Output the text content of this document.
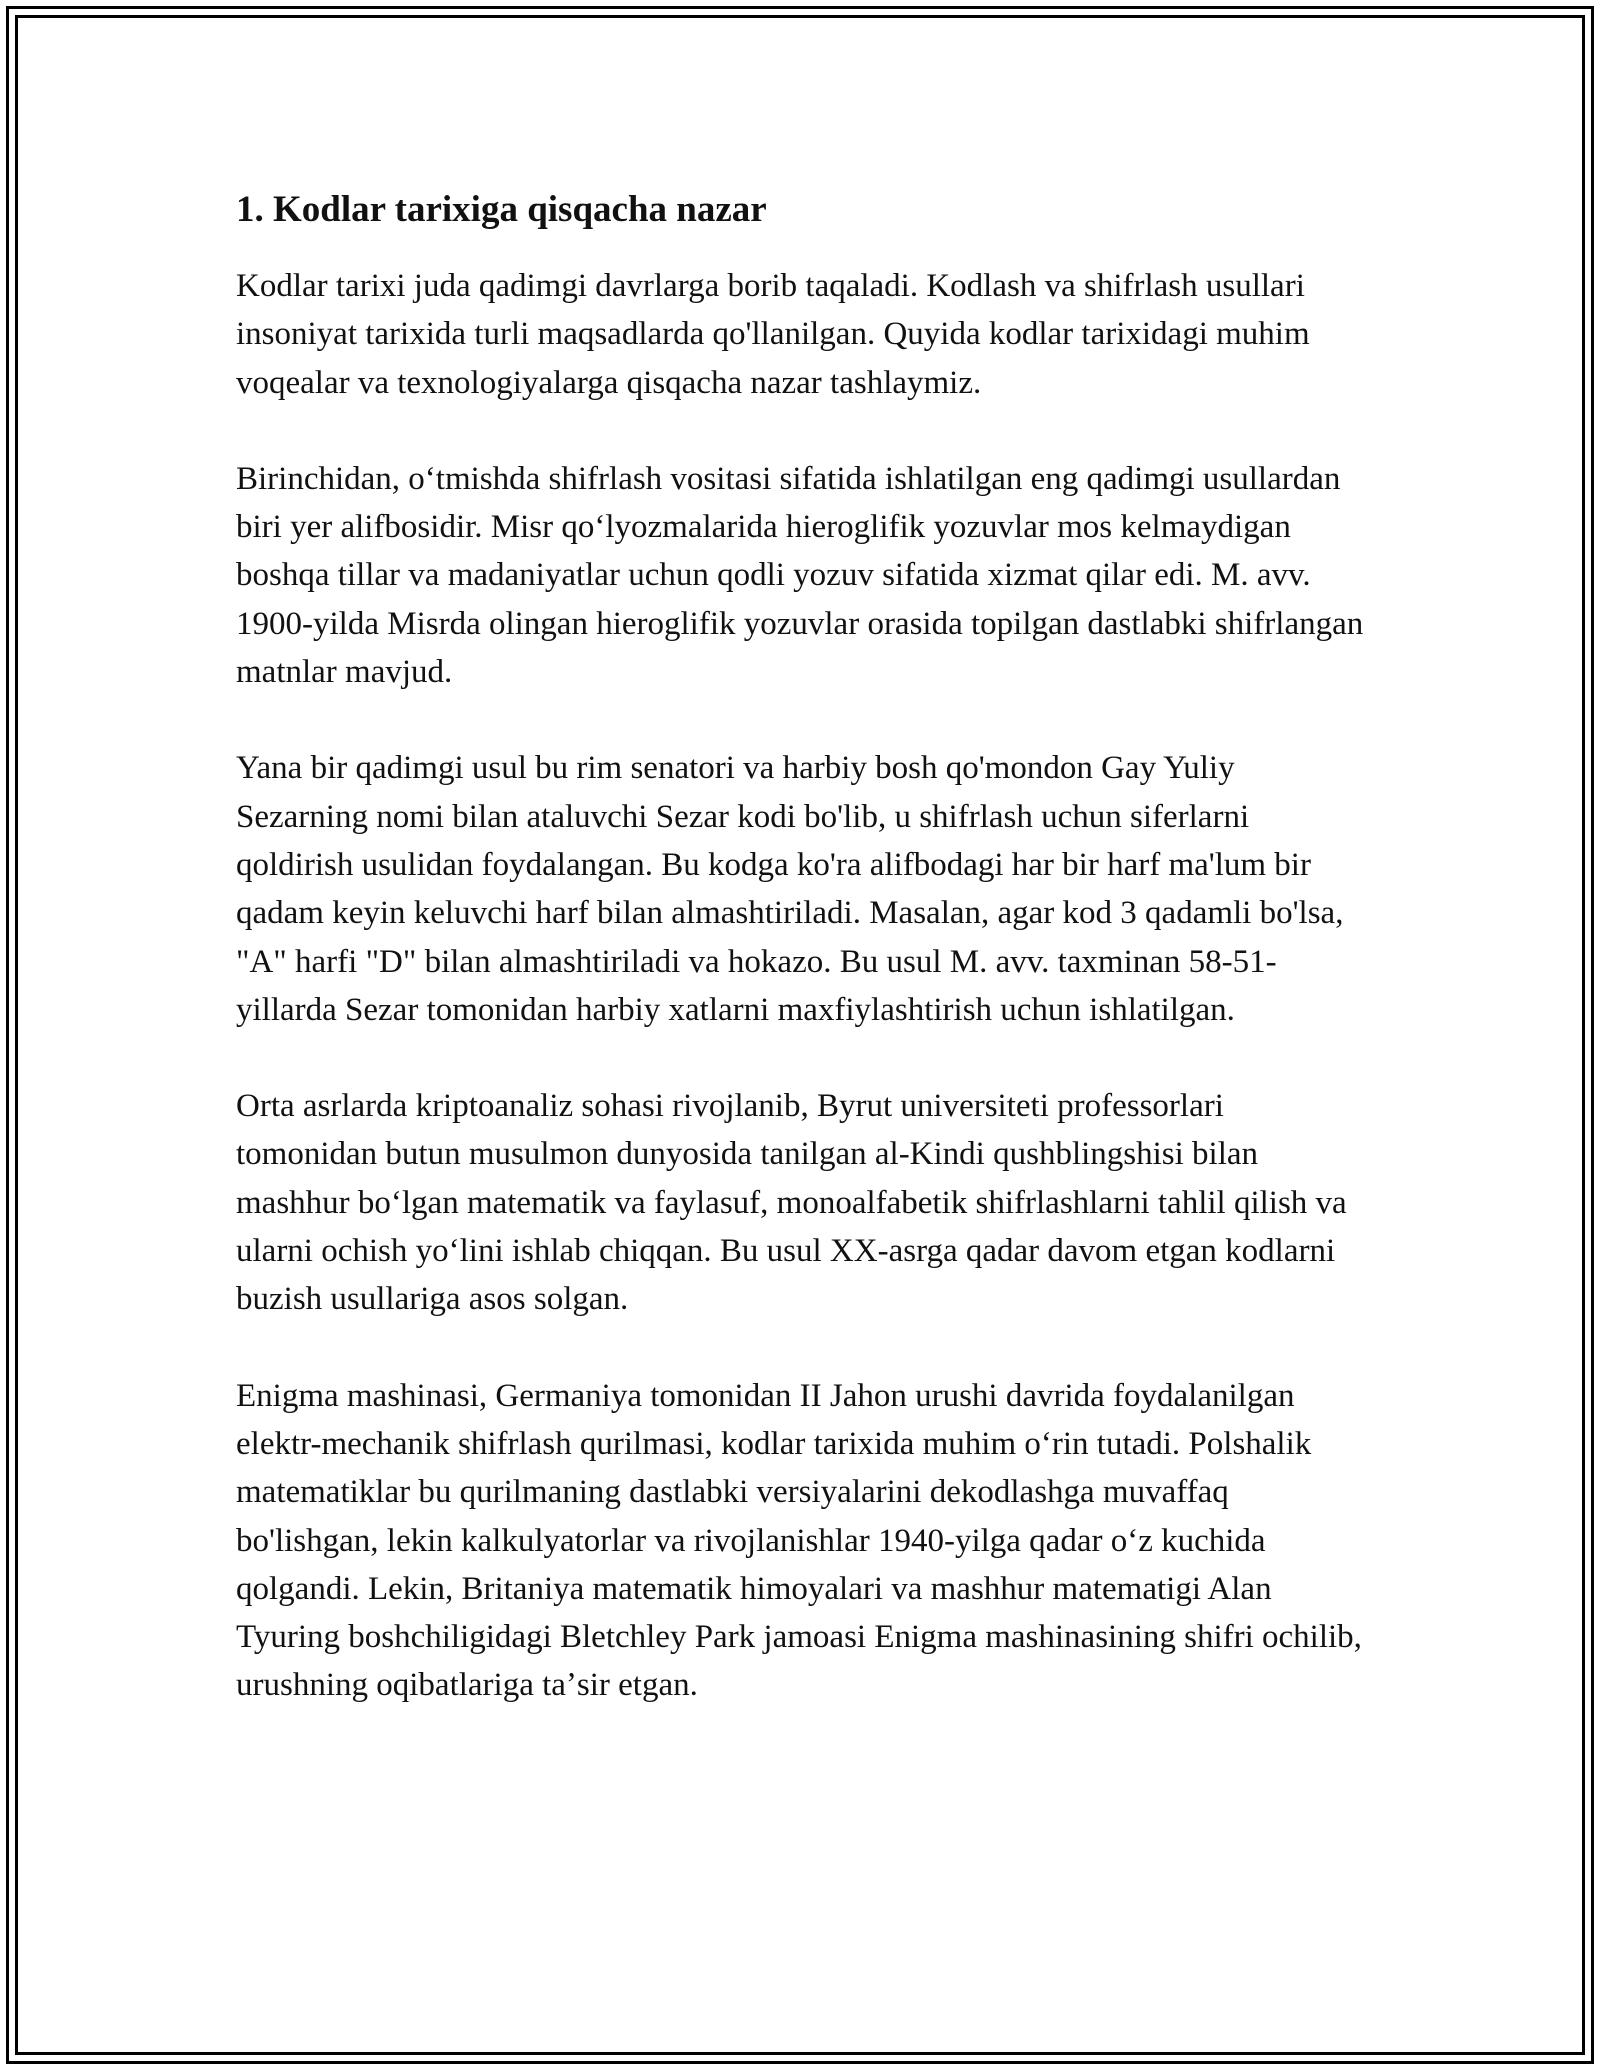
1. Kodlar tarixiga qisqacha nazar

Kodlar tarixi juda qadimgi davrlarga borib taqaladi. Kodlash va shifrlash usullari insoniyat tarixida turli maqsadlarda qo'llanilgan. Quyida kodlar tarixidagi muhim voqealar va texnologiyalarga qisqacha nazar tashlaymiz.

Birinchidan, oʻtmishda shifrlash vositasi sifatida ishlatilgan eng qadimgi usullardan biri yer alifbosidir. Misr qoʻlyozmalarida hieroglifik yozuvlar mos kelmaydigan boshqa tillar va madaniyatlar uchun qodli yozuv sifatida xizmat qilar edi. M. avv. 1900-yilda Misrda olingan hieroglifik yozuvlar orasida topilgan dastlabki shifrlangan matnlar mavjud.

Yana bir qadimgi usul bu rim senatori va harbiy bosh qo'mondon Gay Yuliy Sezarning nomi bilan ataluvchi Sezar kodi bo'lib, u shifrlash uchun siferlarni qoldirish usulidan foydalangan. Bu kodga ko'ra alifbodagi har bir harf ma'lum bir qadam keyin keluvchi harf bilan almashtiriladi. Masalan, agar kod 3 qadamli bo'lsa, "A" harfi "D" bilan almashtiriladi va hokazo. Bu usul M. avv. taxminan 58-51-yillarda Sezar tomonidan harbiy xatlarni maxfiylashtirish uchun ishlatilgan.

Orta asrlarda kriptoanaliz sohasi rivojlanib, Byrut universiteti professorlari tomonidan butun musulmon dunyosida tanilgan al-Kindi qushblingshisi bilan mashhur boʻlgan matematik va faylasuf, monoalfabetik shifrlashlarni tahlil qilish va ularni ochish yoʻlini ishlab chiqqan. Bu usul XX-asrga qadar davom etgan kodlarni buzish usullariga asos solgan.

Enigma mashinasi, Germaniya tomonidan II Jahon urushi davrida foydalanilgan elektr-mechanik shifrlash qurilmasi, kodlar tarixida muhim oʻrin tutadi. Polshalik matematiklar bu qurilmaning dastlabki versiyalarini dekodlashga muvaffaq bo'lishgan, lekin kalkulyatorlar va rivojlanishlar 1940-yilga qadar oʻz kuchida qolgandi. Lekin, Britaniya matematik himoyalari va mashhur matematigi Alan Tyuring boshchiligidagi Bletchley Park jamoasi Enigma mashinasining shifri ochilib, urushning oqibatlariga taʼsir etgan.
